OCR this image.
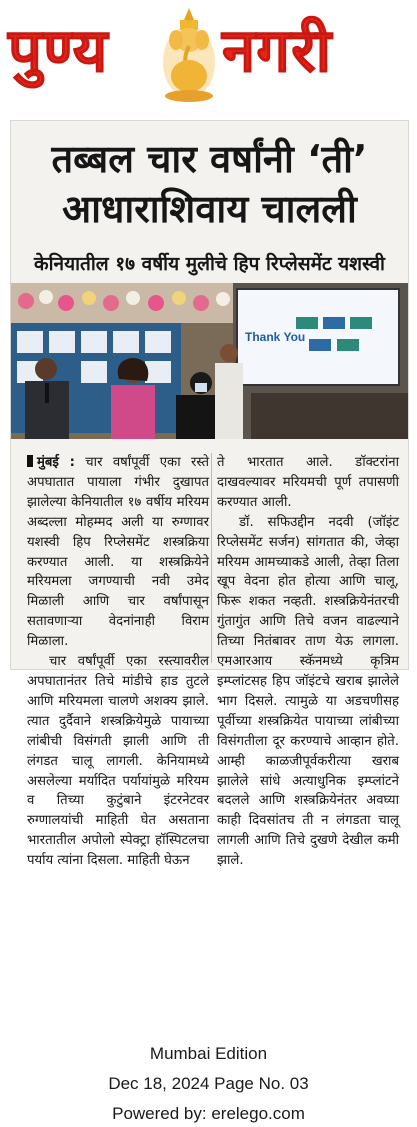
पुण्य नगरी
तब्बल चार वर्षांनी ‘ती’
आधाराशिवाय चालली
केनियातील १७ वर्षीय मुलीचे हिप रिप्लेसमेंट यशस्वी
Thank You

मुंबई : चार वर्षांपूर्वी एका रस्ते अपघातात पायाला गंभीर दुखापत झालेल्या केनियातील १७ वर्षीय मरियम अब्दल्ला मोहम्मद अली या रुग्णावर यशस्वी हिप रिप्लेसमेंट शस्त्रक्रिया करण्यात आली. या शस्त्रक्रियेने मरियमला जगण्याची नवी उमेद मिळाली आणि चार वर्षांपासून सतावणाऱ्या वेदनांनाही विराम मिळाला.

चार वर्षांपूर्वी एका रस्त्यावरील अपघातानंतर तिचे मांडीचे हाड तुटले आणि मरियमला चालणे अशक्य झाले. त्यात दुर्दैवाने शस्त्रक्रियेमुळे पायाच्या लांबीची विसंगती झाली आणि ती लंगडत चालू लागली. केनियामध्ये असलेल्या मर्यादित पर्यायांमुळे मरियम व तिच्या कुटुंबाने इंटरनेटवर रुग्णालयांची माहिती घेत असताना भारतातील अपोलो स्पेक्ट्रा हॉस्पिटलचा पर्याय त्यांना दिसला. माहिती घेऊन

ते भारतात आले. डॉक्टरांना दाखवल्यावर मरियमची पूर्ण तपासणी करण्यात आली.

डॉ. सफिउद्दीन नदवी (जॉइंट रिप्लेसमेंट सर्जन) सांगतात की, जेव्हा मरियम आमच्याकडे आली, तेव्हा तिला खूप वेदना होत होत्या आणि चालू, फिरू शकत नव्हती. शस्त्रक्रियेनंतरची गुंतागुंत आणि तिचे वजन वाढल्याने तिच्या नितंबावर ताण येऊ लागला. एमआरआय स्कॅनमध्ये कृत्रिम इम्प्लांटसह हिप जॉइंटचे खराब झालेले भाग दिसले. त्यामुळे या अडचणीसह पूर्वीच्या शस्त्रक्रियेत पायाच्या लांबीच्या विसंगतीला दूर करण्याचे आव्हान होते. आम्ही काळजीपूर्वकरीत्या खराब झालेले सांधे अत्याधुनिक इम्प्लांटने बदलले आणि शस्त्रक्रियेनंतर अवघ्या काही दिवसांतच ती न लंगडता चालू लागली आणि तिचे दुखणे देखील कमी झाले.

Mumbai Edition
Dec 18, 2024 Page No. 03
Powered by: erelego.com
